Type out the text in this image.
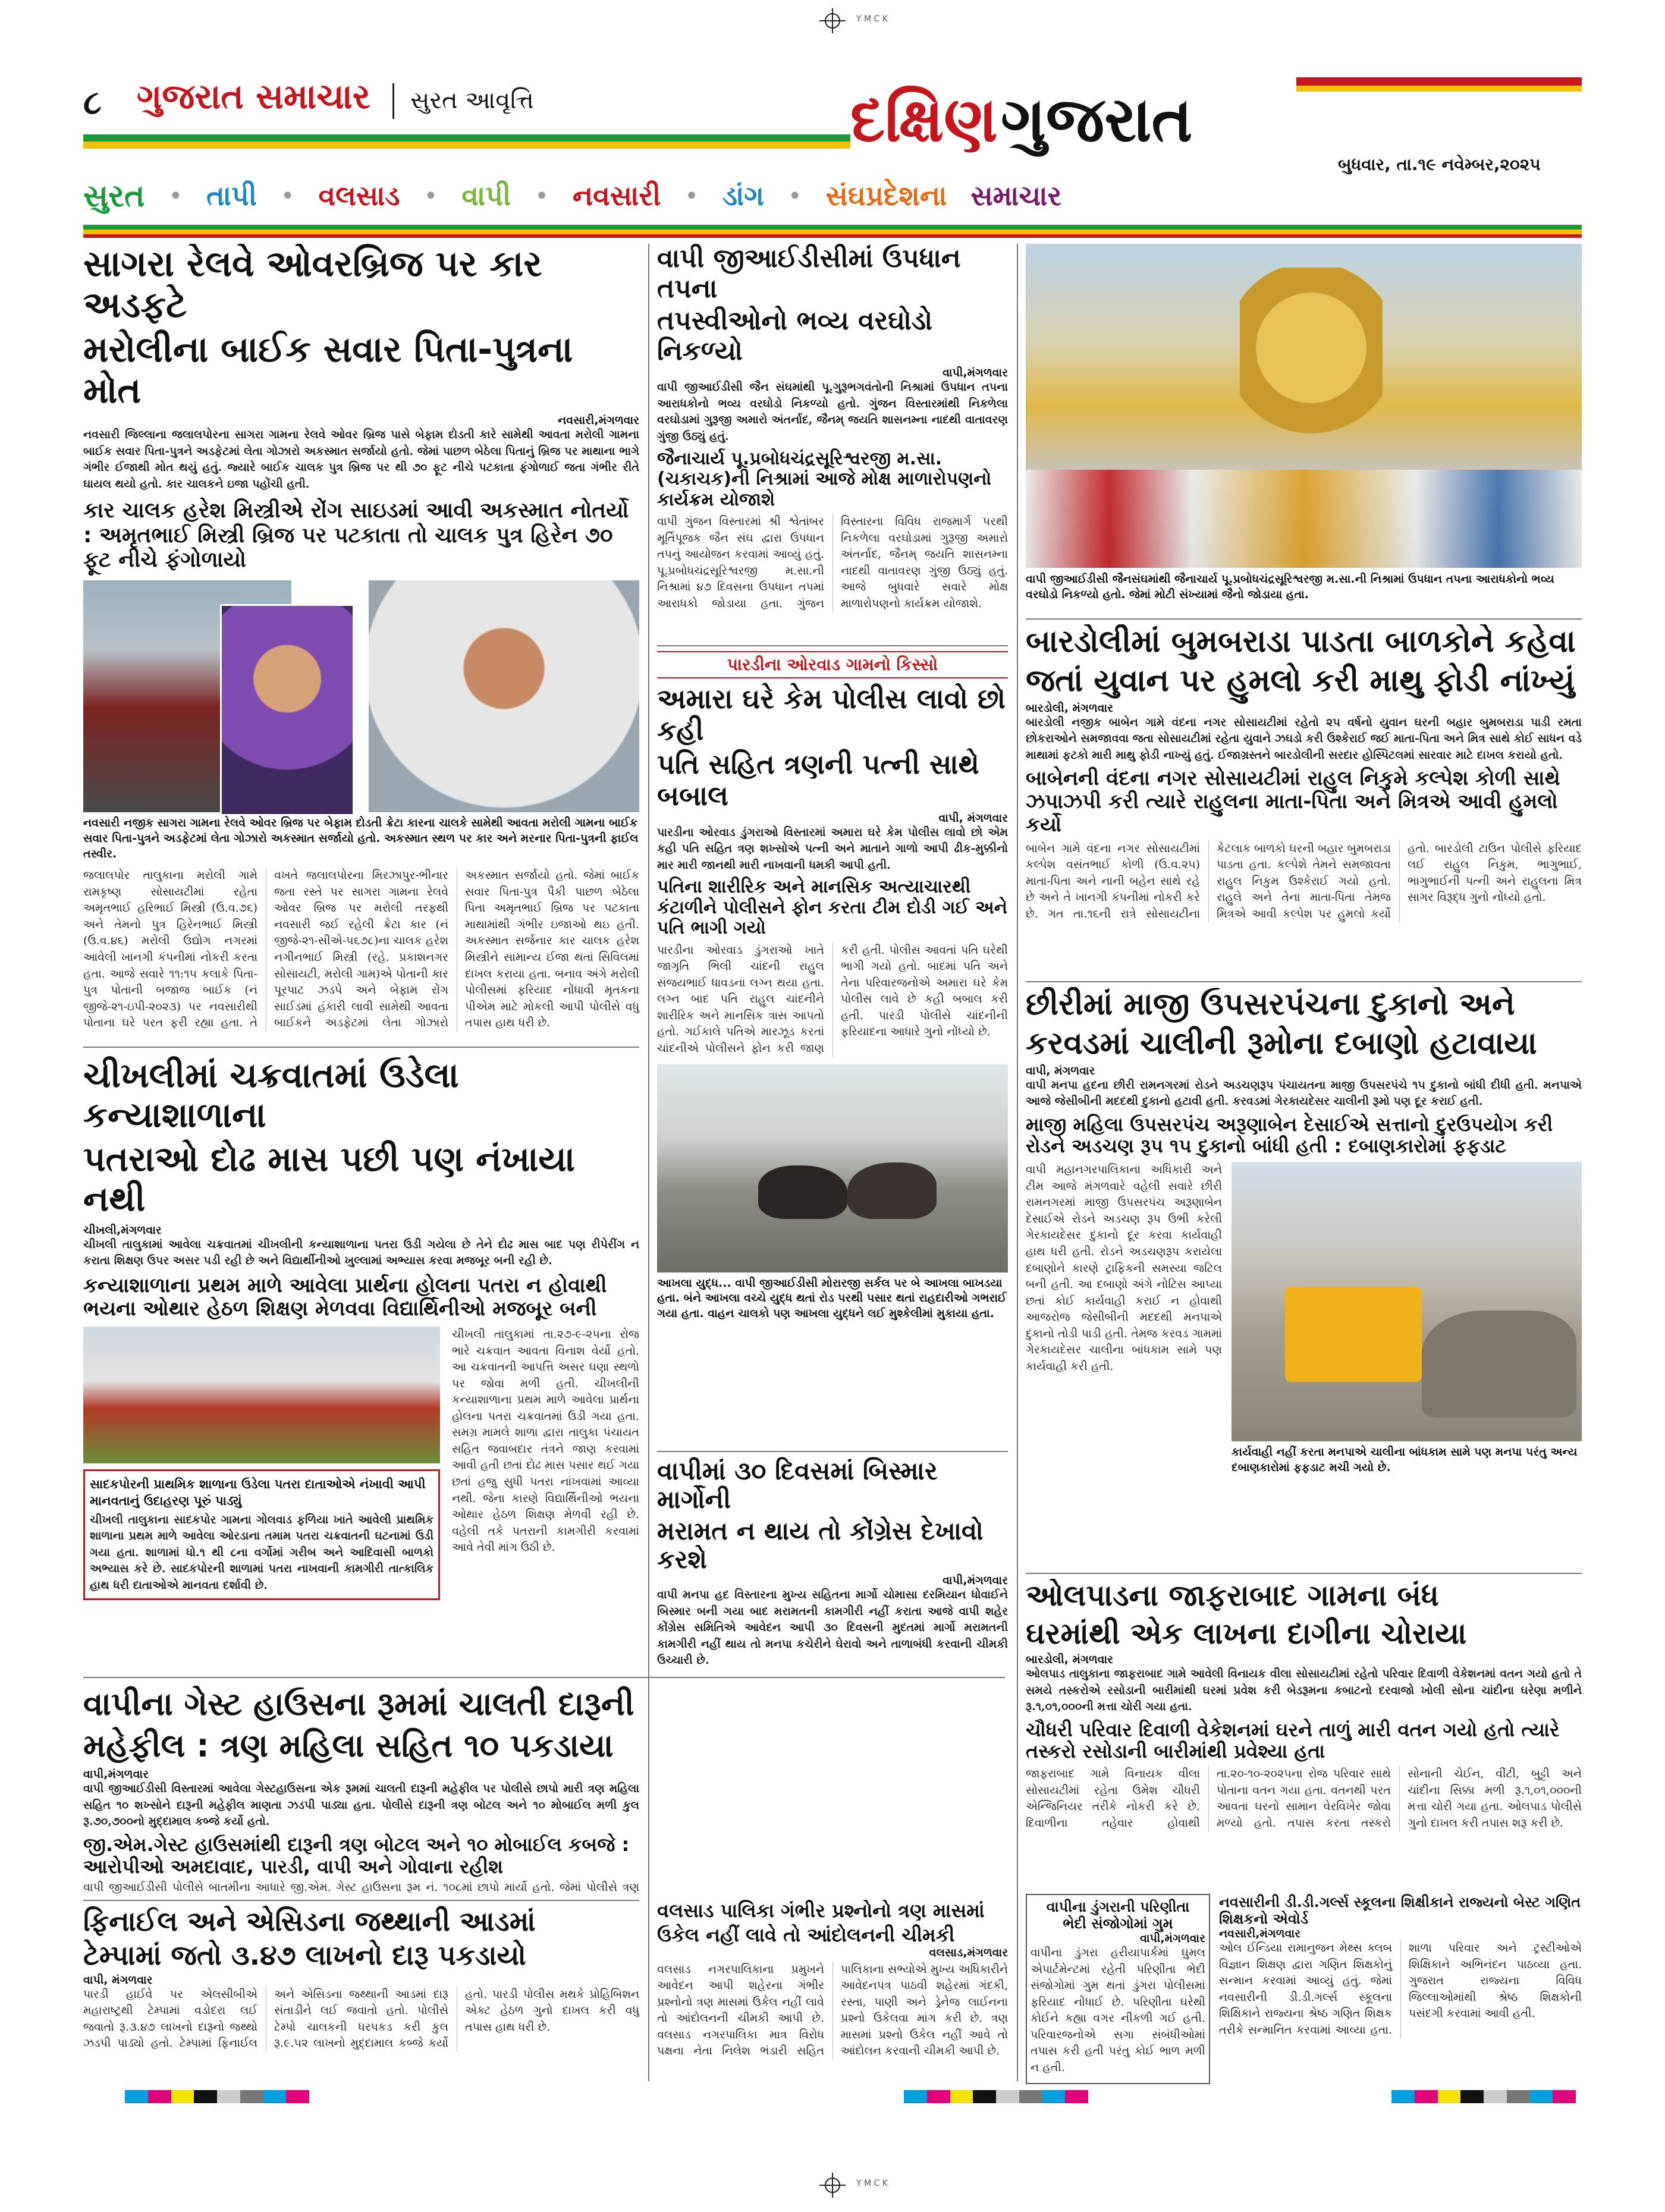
Y M C K
૮ ગુજરાત સમાચાર	સુરત આવૃત્તિ	દક્ષિણ ગુજરાત
બુધવાર, તા.૧૯ નવેમ્બર,૨૦૨૫
સુરત • તાપી • વલસાડ • વાપી • નવસારી • ડાંગ • સંઘપ્રદેશના સમાચાર
સાગરા રેલવે ઓવરબ્રિજ પર કાર અડફટે
મરોલીના બાઈક સવાર પિતા-પુત્રના મોત
નવસારી,મંગળવાર

નવસારી જિલ્લાના જલાલપોરના સાગરા ગામના રેલવે ઓવર બ્રિજ પાસે બેફામ દોડતી કારે સામેથી આવતા મરોલી ગામના બાઈક સવાર પિતા-પુત્રને અડફેટમાં લેતા ગોઝારો અકસ્માત સર્જાયો હતો. જેમાં પાછળ બેઠેલા પિતાનું બ્રિજ પર માથાના ભાગે ગંભીર ઈજાથી મોત થયું હતું. જ્યારે બાઈક ચાલક પુત્ર બ્રિજ પર થી ૭૦ ફૂટ નીચે પટકાતા ફંગોળાઈ જતા ગંભીર રીતે ઘાયલ થયો હતો. કાર ચાલકને ઇજા પહોંચી હતી.

કાર ચાલક હરેશ મિસ્ત્રીએ રોંગ સાઇડમાં આવી અકસ્માત નોતર્યો : અમૃતભાઈ મિસ્ત્રી બ્રિજ પર પટકાતા તો ચાલક પુત્ર હિરેન ૭૦ ફૂટ નીચે ફંગોળાયો
નવસારી નજીક સાગરા ગામના રેલવે ઓવર બ્રિજ પર બેફામ દોડતી ક્રેટા કારના ચાલકે સામેથી આવતા મરોલી ગામના બાઈક સવાર પિતા-પુત્રને અડફેટમાં લેતા ગોઝારો અકસ્માત સર્જાયો હતો. અકસ્માત સ્થળ પર કાર અને મરનાર પિતા-પુત્રની ફાઈલ તસ્વીર.

જલાલપોર તાલુકાના મરોલી ગામે રામકૃષ્ણ સોસાયટીમાં રહેતા અમૃતભાઈ હરિભાઈ મિસ્ત્રી (ઉ.વ.૭૬) અને તેમનો પુત્ર હિરેનભાઈ મિસ્ત્રી (ઉ.વ.૪૬) મરોલી ઉદ્યોગ નગરમાં આવેલી ખાનગી કંપનીમાં નોકરી કરતા હતા. આજે સવારે ૧૧:૧૫ કલાકે પિતા-પુત્ર પોતાની બજાજ બાઈક (નં જીજે-૨૧-ઇપી-૨૦૨૩) પર નવસારીથી પોતાના ઘરે પરત ફરી રહ્યા હતા. તે વખતે જલાલપોરના મિરઝાપુર-ભીનાર જતા રસ્તે પર સાગરા ગામના રેલવે ઓવર બ્રિજ પર મરોલી તરફથી નવસારી જઈ રહેલી ક્રેટા કાર (નં જીજે-૨૧-સીએ-૫૬૭૮)ના ચાલક હરેશ નગીનભાઈ મિસ્ત્રી (રહે. પ્રકાશનગર સોસાયટી, મરોલી ગામ)એ પોતાની કાર પૂરપાટ ઝડપે અને બેફામ રોંગ સાઈડમાં હંકારી લાવી સામેથી આવતા બાઈકને અડફેટમાં લેતા ગોઝારો અકસ્માત સર્જાયો હતો. જેમાં બાઈક સવાર પિતા-પુત્ર પૈકી પાછળ બેઠેલા પિતા અમૃતભાઈ બ્રિજ પર પટકાતા માથામાંથી ગંભીર ઇજાઓ થઇ હતી. અકસ્માત સર્જનાર કાર ચાલક હરેશ મિસ્ત્રીને સામાન્ય ઈજા થતાં સિવિલમાં દાખલ કરાયા હતા. બનાવ અંગે મરોલી પોલીસમાં ફરિયાદ નોંધાવી મૃતકના પીએમ માટે મોકલી આપી પોલીસે વધુ તપાસ હાથ ધરી છે.

ચીખલીમાં ચક્રવાતમાં ઉડેલા કન્યાશાળાના
પતરાઓ દોઢ માસ પછી પણ નંખાયા નથી
ચીખલી,મંગળવાર

ચીખલી તાલુકામાં આવેલા ચક્રવાતમાં ચીખલીની કન્યાશાળાના પતરા ઉડી ગયેલા છે તેને દોઢ માસ બાદ પણ રીપેરીંગ ન કરાતા શિક્ષણ ઉપર અસર પડી રહી છે અને વિદ્યાર્થીનીઓ ખુલ્લામાં અભ્યાસ કરવા મજબૂર બની રહી છે.

કન્યાશાળાના પ્રથમ માળે આવેલા પ્રાર્થના હોલના પતરા ન હોવાથી ભયના ઓથાર હેઠળ શિક્ષણ મેળવવા વિદ્યાર્થિનીઓ મજબૂર બની
સાદકપોરની પ્રાથમિક શાળાના ઉડેલા પતરા દાતાઓએ નંખાવી આપી માનવતાનું ઉદાહરણ પૂરું પાડ્યું

ચીખલી તાલુકાના સાદકપોર ગામના ગોલવાડ ફળિયા ખાતે આવેલી પ્રાથમિક શાળાના પ્રથમ માળે આવેલા ઓરડાના તમામ પતરા ચક્રવાતની ઘટનામાં ઉડી ગયા હતા. શાળામાં ધો.૧ થી ૮ના વર્ગોમાં ગરીબ અને આદિવાસી બાળકો અભ્યાસ કરે છે. સાદકપોરની શાળામાં પતરા નાખવાની કામગીરી તાત્કાલિક હાથ ધરી દાતાઓએ માનવતા દર્શાવી છે.

ચીખલી તાલુકામાં તા.૨૭-૯-૨૫ના રોજ ભારે ચક્રવાત આવતા વિનાશ વેર્યો હતો. આ ચક્રવાતની આપત્તિ અસર ઘણા સ્થળો પર જોવા મળી હતી. ચીખલીની કન્યાશાળાના પ્રથમ માળે આવેલા પ્રાર્થના હોલના પતરા ચક્રવાતમાં ઉડી ગયા હતા. સમગ્ર મામલે શાળા દ્વારા તાલુકા પંચાયત સહિત જવાબદાર તંત્રને જાણ કરવામાં આવી હતી છતાં દોઢ માસ પસાર થઈ ગયા છતાં હજુ સુધી પતરા નાંખવામાં આવ્યા નથી. જેના કારણે વિદ્યાર્થિનીઓ ભયના ઓથાર હેઠળ શિક્ષણ મેળવી રહી છે. વહેલી તકે પતરાની કામગીરી કરવામાં આવે તેવી માંગ ઉઠી છે.

વાપીના ગેસ્ટ હાઉસના રૂમમાં ચાલતી દારૂની
મહેફીલ : ત્રણ મહિલા સહિત ૧૦ પકડાયા
વાપી,મંગળવાર

વાપી જીઆઈડીસી વિસ્તારમાં આવેલા ગેસ્ટહાઉસના એક રૂમમાં ચાલતી દારૂની મહેફીલ પર પોલીસે છાપો મારી ત્રણ મહિલા સહિત ૧૦ શખ્સોને દારૂની મહેફીલ માણતા ઝડપી પાડ્યા હતા. પોલીસે દારૂની ત્રણ બોટલ અને ૧૦ મોબાઈલ મળી કુલ રૂ.૭૦,૭૦૦નો મુદ્દામાલ કબ્જે કર્યો હતો.

જી.એમ.ગેસ્ટ હાઉસમાંથી દારૂની ત્રણ બોટલ અને ૧૦ મોબાઈલ કબજે : આરોપીઓ અમદાવાદ, પારડી, વાપી અને ગોવાના રહીશ

વાપી જીઆઈડીસી પોલીસે બાતમીના આધારે જી.એમ. ગેસ્ટ હાઉસના રૂમ નં. ૧૦૮માં છાપો માર્યો હતો. જેમાં પોલીસે ત્રણ

ફિનાઈલ અને એસિડના જથ્થાની આડમાં
ટેમ્પામાં જતો ૩.૪૭ લાખનો દારૂ પકડાયો
વાપી, મંગળવાર

પારડી હાઈવે પર એલસીબીએ મહારાષ્ટ્રથી ટેમ્પામાં વડોદરા લઈ જવાતો રૂ.૩.૪૭ લાખનો દારૂનો જથ્થો ઝડપી પાડ્યો હતો. ટેમ્પામાં ફિનાઈલ અને એસિડના જથ્થાની આડમાં દારૂ સંતાડીને લઈ જવાતો હતો. પોલીસે ટેમ્પો ચાલકની ધરપકડ કરી કુલ રૂ.૯.૫૨ લાખનો મુદ્દામાલ કબ્જે કર્યો હતો. પારડી પોલીસ મથકે પ્રોહિબિશન એક્ટ હેઠળ ગુનો દાખલ કરી વધુ તપાસ હાથ ધરી છે.

વાપી જીઆઈડીસીમાં ઉપધાન તપના
તપસ્વીઓનો ભવ્ય વરઘોડો નિકળ્યો
વાપી,મંગળવાર

વાપી જીઆઈડીસી જૈન સંઘમાંથી પૂ.ગુરૂભગવંતોની નિશ્રામાં ઉપધાન તપના આરાધકોનો ભવ્ય વરઘોડો નિકળ્યો હતો. ગુંજન વિસ્તારમાંથી નિકળેલા વરઘોડામાં ગુરૂજી અમારો અંતર્નાદ, જૈનમ્ જયતિ શાસનમ્ના નાદથી વાતાવરણ ગુંજી ઉઠ્યું હતું.

જૈનાચાર્ય પૂ.પ્રબોધચંદ્રસૂરિશ્વરજી મ.સા.(ચકાચક)ની નિશ્રામાં આજે મોક્ષ માળારોપણનો કાર્યક્રમ યોજાશે

વાપી ગુંજન વિસ્તારમાં શ્રી શ્વેતાંબર મૂર્તિપૂજક જૈન સંઘ દ્વારા ઉપધાન તપનું આયોજન કરવામાં આવ્યું હતું. પૂ.પ્રબોધચંદ્રસૂરિશ્વરજી મ.સા.ની નિશ્રામાં ૪૭ દિવસના ઉપધાન તપમાં આરાધકો જોડાયા હતા. ગુંજન વિસ્તારના વિવિધ રાજમાર્ગ પરથી નિકળેલા વરઘોડામાં ગુરૂજી અમારો અંતર્નાદ, જૈનમ્ જયતિ શાસનમ્ના નાદથી વાતાવરણ ગુંજી ઉઠ્યું હતું. આજે બુધવારે સવારે મોક્ષ માળારોપણનો કાર્યક્રમ યોજાશે.

પારડીના ઓરવાડ ગામનો કિસ્સો
અમારા ઘરે કેમ પોલીસ લાવો છો કહી
પતિ સહિત ત્રણની પત્ની સાથે બબાલ
વાપી, મંગળવાર

પારડીના ઓરવાડ ડુંગરાઓ વિસ્તારમાં અમારા ઘરે કેમ પોલીસ લાવો છો એમ કહી પતિ સહિત ત્રણ શખ્સોએ પત્ની અને માતાને ગાળો આપી ઢીક-મુક્કીનો માર મારી જાનથી મારી નાખવાની ધમકી આપી હતી.

પતિના શારીરિક અને માનસિક અત્યાચારથી કંટાળીને પોલીસને ફોન કરતા ટીમ દોડી ગઈ અને પતિ ભાગી ગયો

પારડીના ઓરવાડ ડુંગરાઓ ખાતે જાગૃતિ ભિલી ચાંદની રાહુલ સંજયભાઈ ધાવડના લગ્ન થયા હતા. લગ્ન બાદ પતિ રાહુલ ચાંદનીને શારીરિક અને માનસિક ત્રાસ આપતો હતો. ગઈકાલે પતિએ મારઝૂડ કરતાં ચાંદનીએ પોલીસને ફોન કરી જાણ કરી હતી. પોલીસ આવતાં પતિ ઘરેથી ભાગી ગયો હતો. બાદમાં પતિ અને તેના પરિવારજનોએ અમારા ઘરે કેમ પોલીસ લાવે છે કહી બબાલ કરી હતી. પારડી પોલીસે ચાંદનીની ફરિયાદના આધારે ગુનો નોંધ્યો છે.

આખલા યુદ્ધ... વાપી જીઆઈડીસી મોરારજી સર્કલ પર બે આખલા બાખડયા હતા. બંને આખલા વચ્ચે યુદ્ધ થતાં રોડ પરથી પસાર થતાં રાહદારીઓ ગભરાઈ ગયા હતા. વાહન ચાલકો પણ આખલા યુદ્ધને લઈ મુશ્કેલીમાં મુકાયા હતા.
વાપીમાં ૩૦ દિવસમાં બિસ્માર માર્ગોની
મરામત ન થાય તો કોંગ્રેસ દેખાવો કરશે
વાપી,મંગળવાર

વાપી મનપા હદ વિસ્તારના મુખ્ય સહિતના માર્ગો ચોમાસા દરમિયાન ધોવાઈને બિસ્માર બની ગયા બાદ મરામતની કામગીરી નહીં કરાતા આજે વાપી શહેર કોંગ્રેસ સમિતિએ આવેદન આપી ૩૦ દિવસની મુદતમાં માર્ગો મરામતની કામગીરી નહીં થાય તો મનપા કચેરીને ઘેરાવો અને તાળાબંધી કરવાની ચીમકી ઉચ્ચારી છે.

વલસાડ પાલિકા ગંભીર પ્રશ્નોનો ત્રણ માસમાં
ઉકેલ નહીં લાવે તો આંદોલનની ચીમકી
વલસાડ,મંગળવાર

વલસાડ નગરપાલિકાના પ્રમુખને આવેદન આપી શહેરના ગંભીર પ્રશ્નોનો ત્રણ માસમાં ઉકેલ નહીં લાવે તો આંદોલનની ચીમકી આપી છે. વલસાડ નગરપાલિકા માત્ર વિરોધ પક્ષના નેતા નિલેશ ભંડારી સહિત પાલિકાના સભ્યોએ મુખ્ય અધિકારીને આવેદનપત્ર પાઠવી શહેરમાં ગંદકી, રસ્તા, પાણી અને ડ્રેનેજ લાઈનના પ્રશ્નો ઉકેલવા માંગ કરી છે. ત્રણ માસમાં પ્રશ્નો ઉકેલ નહીં આવે તો આંદોલન કરવાની ચીમકી આપી છે.

વાપી જીઆઈડીસી જૈનસંઘમાંથી જૈનાચાર્ય પૂ.પ્રબોધચંદ્રસૂરિશ્વરજી મ.સા.ની નિશ્રામાં ઉપધાન તપના આરાધકોનો ભવ્ય વરઘોડો નિકળ્યો હતો. જેમાં મોટી સંખ્યામાં જૈનો જોડાયા હતા.
બારડોલીમાં બુમબરાડા પાડતા બાળકોને કહેવા
જતાં યુવાન પર હુમલો કરી માથુ ફોડી નાંખ્યું
બારડોલી, મંગળવાર

બારડોલી નજીક બાબેન ગામે વંદના નગર સોસાયટીમાં રહેતો ૨૫ વર્ષનો યુવાન ઘરની બહાર બુમબરાડા પાડી રમતા છોકરાઓને સમજાવવા જતા સોસાયટીમાં રહેતા યુવાને ઝઘડો કરી ઉશ્કેરાઈ જઈ માતા-પિતા અને મિત્ર સાથે કોઈ સાધન વડે માથામાં ફટકો મારી માથુ ફોડી નાખ્યું હતું. ઈજાગ્રસ્તને બારડોલીની સરદાર હોસ્પિટલમાં સારવાર માટે દાખલ કરાયો હતો.

બાબેનની વંદના નગર સોસાયટીમાં રાહુલ નિકુમે કલ્પેશ કોળી સાથે ઝપાઝપી કરી ત્યારે રાહુલના માતા-પિતા અને મિત્રએ આવી હુમલો કર્યો

બાબેન ગામે વંદના નગર સોસાયટીમાં કલ્પેશ વસંતભાઈ કોળી (ઉ.વ.૨૫) માતા-પિતા અને નાની બહેન સાથે રહે છે અને તે ખાનગી કંપનીમાં નોકરી કરે છે. ગત તા.૧૬ની રાત્રે સોસાયટીના કેટલાક બાળકો ઘરની બહાર બુમબરાડા પાડતા હતા. કલ્પેશે તેમને સમજાવતા રાહુલ નિકુમ ઉશ્કેરાઈ ગયો હતો. રાહુલે અને તેના માતા-પિતા તેમજ મિત્રએ આવી કલ્પેશ પર હુમલો કર્યો હતો. બારડોલી ટાઉન પોલીસે ફરિયાદ લઈ રાહુલ નિકુમ, ભાગુભાઈ, ભાગુભાઈની પત્ની અને રાહુલના મિત્ર સાગર વિરૂદ્ધ ગુનો નોંધ્યો હતો.

છીરીમાં માજી ઉપસરપંચના દુકાનો અને
કરવડમાં ચાલીની રૂમોના દબાણો હટાવાયા
વાપી, મંગળવાર

વાપી મનપા હદના છીરી રામનગરમાં રોડને અડચણરૂપ પંચાયતના માજી ઉપસરપંચે ૧૫ દુકાનો બાંધી દીધી હતી. મનપાએ આજે જેસીબીની મદદથી દુકાનો હટાવી હતી. કરવડમાં ગેરકાયદેસર ચાલીની રૂમો પણ દૂર કરાઈ હતી.

માજી મહિલા ઉપસરપંચ અરૂણાબેન દેસાઈએ સત્તાનો દુરઉપયોગ કરી રોડને અડચણ રૂપ ૧૫ દુકાનો બાંધી હતી : દબાણકારોમાં ફફડાટ

વાપી મહાનગરપાલિકાના અધિકારી અને ટીમ આજે મંગળવારે વહેલી સવારે છીરી રામનગરમાં માજી ઉપસરપંચ અરૂણાબેન દેસાઈએ રોડને અડચણ રૂપ ઉભી કરેલી ગેરકાયદેસર દુકાનો દૂર કરવા કાર્યવાહી હાથ ધરી હતી. રોડને અડચણરૂપ કરાયેલા દબાણોને કારણે ટ્રાફિકની સમસ્યા જટિલ બની હતી. આ દબાણો અંગે નોટિસ આપ્યા છતાં કોઈ કાર્યવાહી કરાઈ ન હોવાથી આજરોજ જેસીબીની મદદથી મનપાએ દુકાનો તોડી પાડી હતી. તેમજ કરવડ ગામમાં ગેરકાયદેસર ચાલીના બાંધકામ સામે પણ કાર્યવાહી કરી હતી.

કાર્યવાહી નહીં કરતા મનપાએ ચાલીના બાંધકામ સામે પણ મનપા પરંતુ અન્ય દબાણકારોમાં ફફડાટ મચી ગયો છે.
ઓલપાડના જાફરાબાદ ગામના બંધ
ઘરમાંથી એક લાખના દાગીના ચોરાયા
બારડોલી, મંગળવાર

ઓલપાડ તાલુકાના જાફરાબાદ ગામે આવેલી વિનાયક વીલા સોસાયટીમાં રહેતો પરિવાર દિવાળી વેકેશનમાં વતન ગયો હતો તે સમયે તસ્કરોએ રસોડાની બારીમાંથી ઘરમાં પ્રવેશ કરી બેડરૂમના કબાટનો દરવાજો ખોલી સોના ચાંદીના ઘરેણા મળીને રૂ.૧,૦૧,૦૦૦ની મત્તા ચોરી ગયા હતા.

ચૌધરી પરિવાર દિવાળી વેકેશનમાં ઘરને તાળું મારી વતન ગયો હતો ત્યારે તસ્કરો રસોડાની બારીમાંથી પ્રવેશ્યા હતા

જાફરાબાદ ગામે વિનાયક વીલા સોસાયટીમાં રહેતા ઉમેશ ચૌધરી એન્જિનિયર તરીકે નોકરી કરે છે. દિવાળીના તહેવાર હોવાથી તા.૨૦-૧૦-૨૦૨૫ના રોજ પરિવાર સાથે પોતાના વતન ગયા હતા. વતનથી પરત આવતા ઘરનો સામાન વેરવિખેર જોવા મળ્યો હતો. તપાસ કરતા તસ્કરો સોનાની ચેઈન, વીંટી, બુટ્ટી અને ચાંદીના સિક્કા મળી રૂ.૧,૦૧,૦૦૦ની મત્તા ચોરી ગયા હતા. ઓલપાડ પોલીસે ગુનો દાખલ કરી તપાસ શરૂ કરી છે.

વાપીના ડુંગરાની પરિણીતા
ભેદી સંજોગોમાં ગુમ
વાપી,મંગળવાર

વાપીના ડુંગરા હરીયાપાર્કમાં ઘુમલ એપાર્ટમેન્ટમાં રહેતી પરિણીતા ભેદી સંજોગોમાં ગુમ થતાં ડુંગરા પોલીસમાં ફરિયાદ નોંધાઈ છે. પરિણીતા ઘરેથી કોઈને કહ્યા વગર નીકળી ગઈ હતી. પરિવારજનોએ સગા સંબંધીઓમાં તપાસ કરી હતી પરંતુ કોઈ ભાળ મળી ન હતી.

નવસારીની ડી.ડી.ગર્લ્સ સ્કૂલના શિક્ષીકાને રાજ્યનો બેસ્ટ ગણિત શિક્ષકનો એવોર્ડ
નવસારી,મંગળવાર

ઓલ ઈન્ડિયા રામાનુજન મેથ્સ ક્લબ વિજ્ઞાન શિક્ષણ દ્વારા ગણિત શિક્ષકોનું સન્માન કરવામાં આવ્યું હતું. જેમાં નવસારીની ડી.ડી.ગર્લ્સ સ્કૂલના શિક્ષિકાને રાજ્યના શ્રેષ્ઠ ગણિત શિક્ષક તરીકે સન્માનિત કરવામાં આવ્યા હતા. શાળા પરિવાર અને ટ્રસ્ટીઓએ શિક્ષિકાને અભિનંદન પાઠવ્યા હતા. ગુજરાત રાજ્યના વિવિધ જિલ્લાઓમાંથી શ્રેષ્ઠ શિક્ષકોની પસંદગી કરવામાં આવી હતી.

Y M C K
